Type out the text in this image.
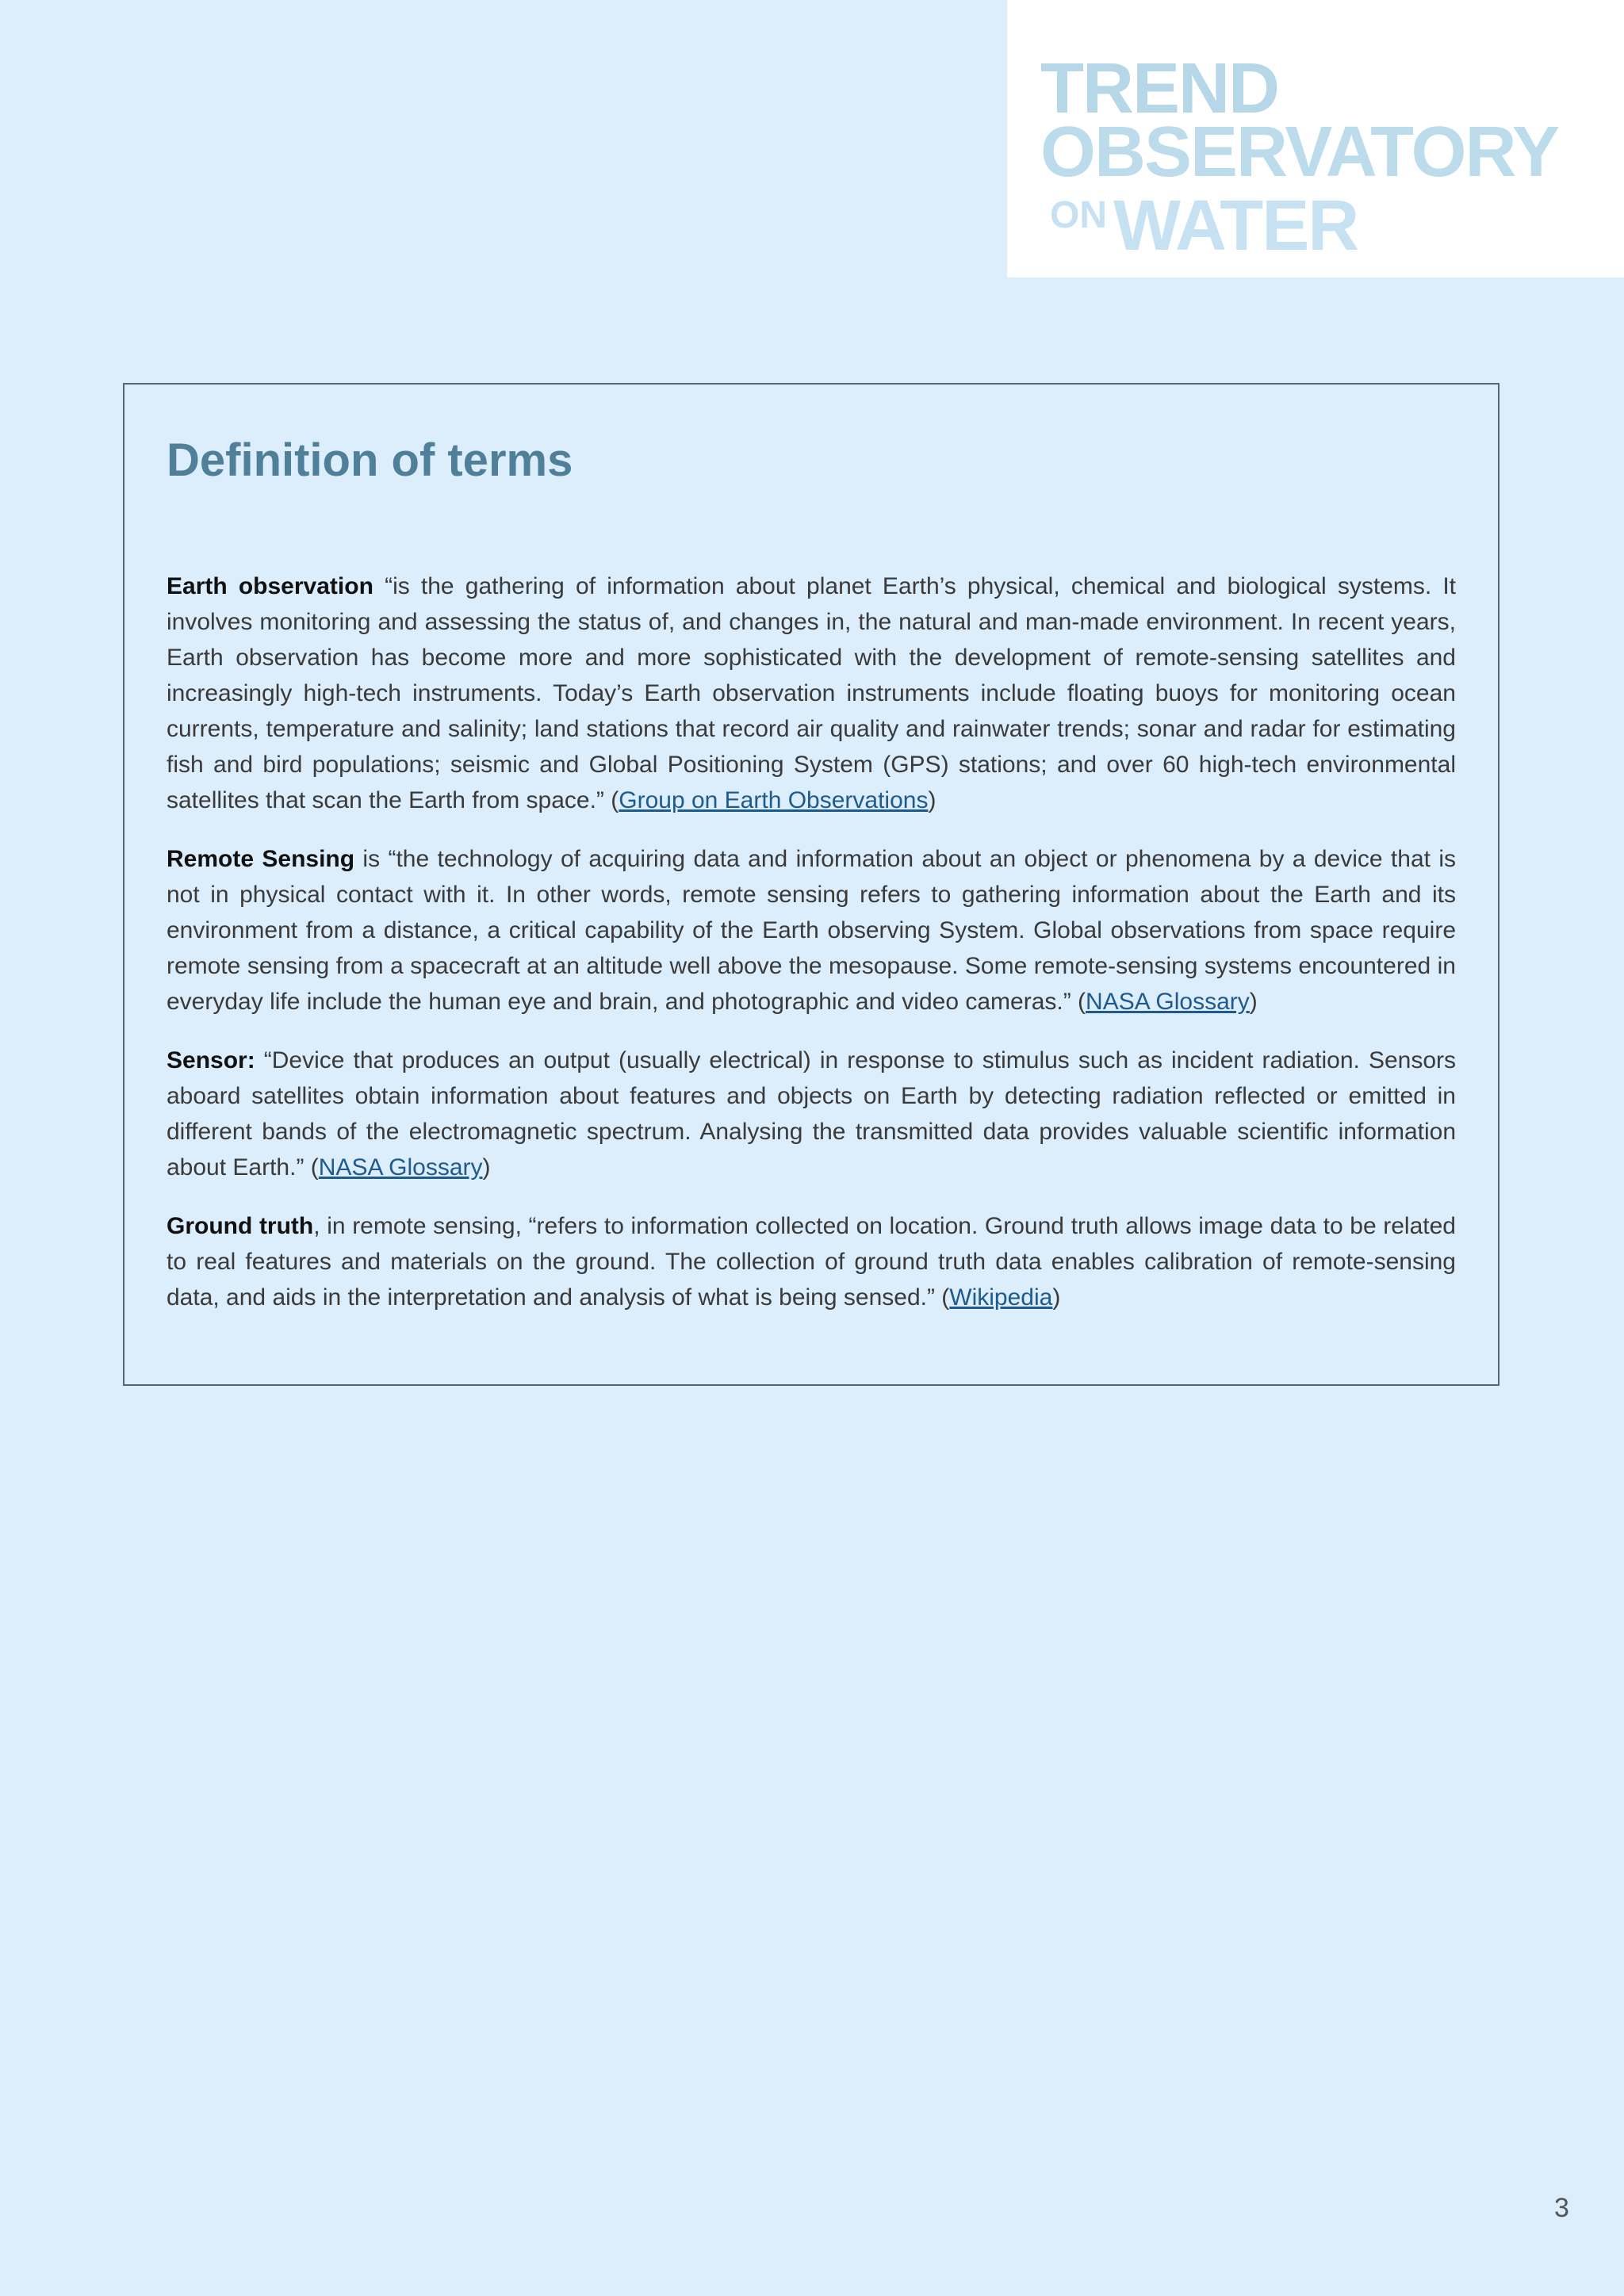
TREND
OBSERVATORY
$^{ON}$WATER
Definition of terms

Earth observation “is the gathering of information about planet Earth’s physical, chemical and biological systems. It involves monitoring and assessing the status of, and changes in, the natural and man-made environment. In recent years, Earth observation has become more and more sophisticated with the development of remote-sensing satellites and increasingly high-tech instruments. Today’s Earth observation instruments include floating buoys for monitoring ocean currents, temperature and salinity; land stations that record air quality and rainwater trends; sonar and radar for estimating fish and bird populations; seismic and Global Positioning System (GPS) stations; and over 60 high-tech environmental satellites that scan the Earth from space.” (Group on Earth Observations)

Remote Sensing is “the technology of acquiring data and information about an object or phenomena by a device that is not in physical contact with it. In other words, remote sensing refers to gathering information about the Earth and its environment from a distance, a critical capability of the Earth observing System. Global observations from space require remote sensing from a spacecraft at an altitude well above the mesopause. Some remote-sensing systems encountered in everyday life include the human eye and brain, and photographic and video cameras.” (NASA Glossary)

Sensor: “Device that produces an output (usually electrical) in response to stimulus such as incident radiation. Sensors aboard satellites obtain information about features and objects on Earth by detecting radiation reflected or emitted in different bands of the electromagnetic spectrum. Analysing the transmitted data provides valuable scientific information about Earth.” (NASA Glossary)

Ground truth, in remote sensing, “refers to information collected on location. Ground truth allows image data to be related to real features and materials on the ground. The collection of ground truth data enables calibration of remote-sensing data, and aids in the interpretation and analysis of what is being sensed.” (Wikipedia)

3
